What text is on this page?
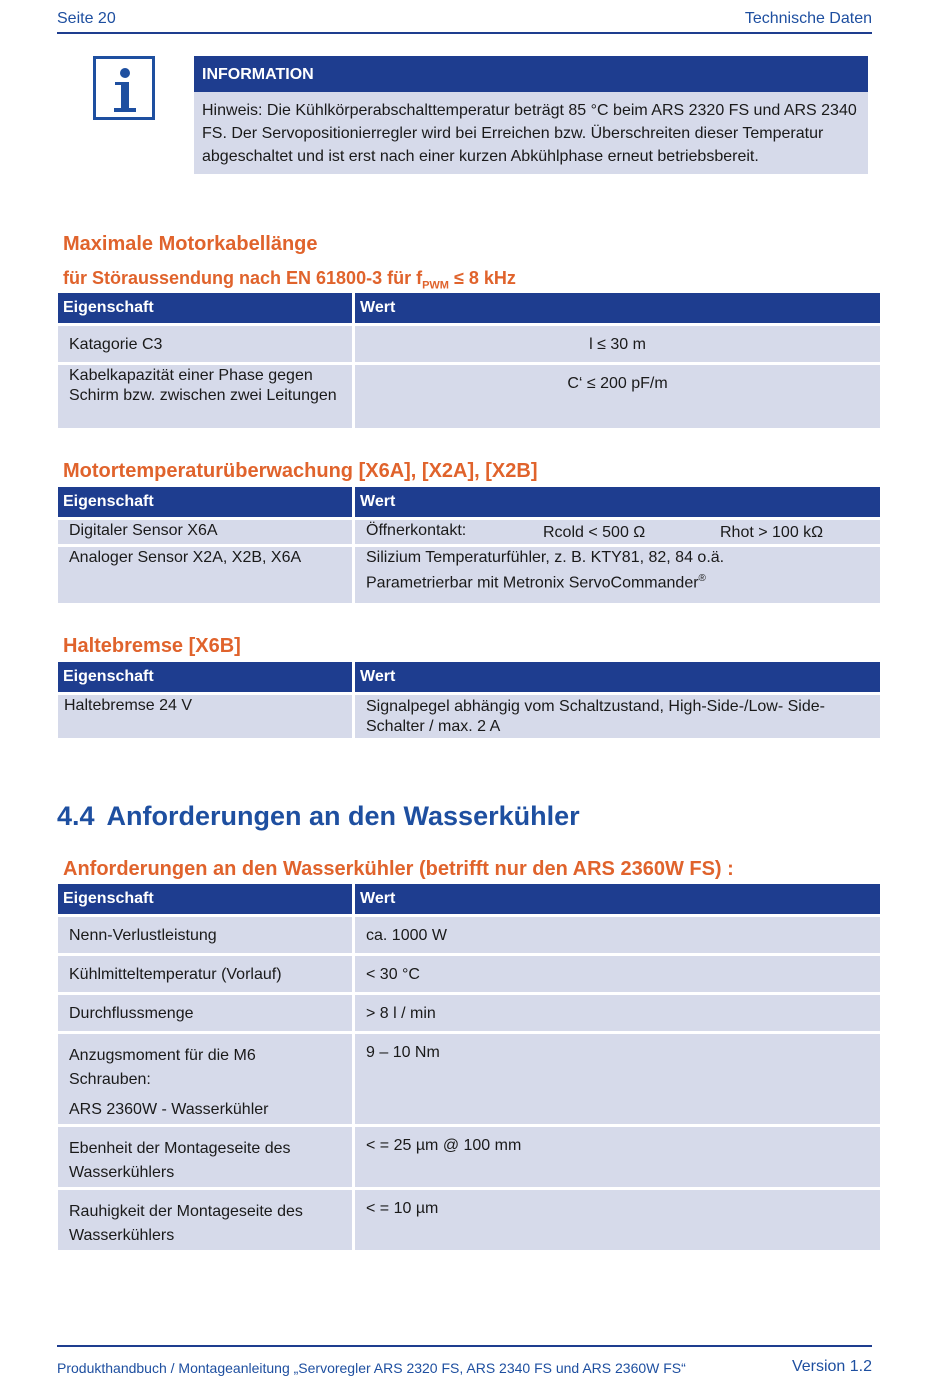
Seite 20	Technische Daten
INFORMATION
Hinweis: Die Kühlkörperabschalttemperatur beträgt 85 °C beim ARS 2320 FS und ARS 2340 FS. Der Servopositionierregler wird bei Erreichen bzw. Überschreiten dieser Temperatur abgeschaltet und ist erst nach einer kurzen Abkühlphase erneut betriebsbereit.
Maximale Motorkabellänge
für Störaussendung nach EN 61800-3 für $f_{PWM} \le 8$ kHz
Eigenschaft	Wert

Katagorie C3	l ≤ 30 m

Kabelkapazität einer Phase gegen Schirm bzw. zwischen zwei Leitungen	C‘ ≤ 200 pF/m
Motortemperaturüberwachung [X6A], [X2A], [X2B]
Eigenschaft	Wert

Digitaler Sensor X6A	Öffnerkontakt: Rcold < 500 Ω Rhot > 100 kΩ

Analoger Sensor X2A, X2B, X6A	Silizium Temperaturfühler, z. B. KTY81, 82, 84 o.ä.
Parametrierbar mit Metronix ServoCommander®
Haltebremse [X6B]
Eigenschaft	Wert

Haltebremse 24 V	Signalpegel abhängig vom Schaltzustand, High-Side-/Low- Side-Schalter / max. 2 A
4.4 Anforderungen an den Wasserkühler
Anforderungen an den Wasserkühler (betrifft nur den ARS 2360W FS) :
Eigenschaft	Wert

Nenn-Verlustleistung	ca. 1000 W

Kühlmitteltemperatur (Vorlauf)	< 30 °C

Durchflussmenge	> 8 l / min

Anzugsmoment für die M6 Schrauben:
ARS 2360W - Wasserkühler	9 – 10 Nm

Ebenheit der Montageseite des Wasserkühlers	< = 25 µm @ 100 mm

Rauhigkeit der Montageseite des Wasserkühlers	< = 10 µm
Produkthandbuch / Montageanleitung „Servoregler ARS 2320 FS, ARS 2340 FS und ARS 2360W FS“	Version 1.2
